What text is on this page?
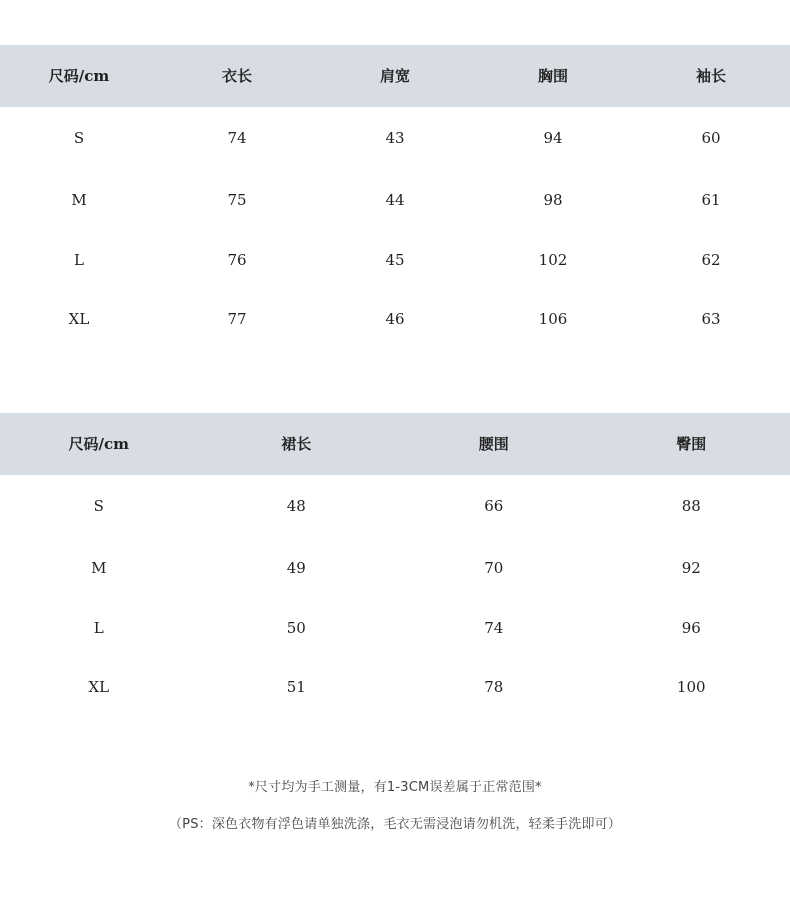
尺码/cm	衣长	肩宽	胸围	袖长
S	74	43	94	60
M	75	44	98	61
L	76	45	102	62
XL	77	46	106	63
尺码/cm	裙长	腰围	臀围
S	48	66	88
M	49	70	92
L	50	74	96
XL	51	78	100
*尺寸均为手工测量，有1-3CM误差属于正常范围*
（PS：深色衣物有浮色请单独洗涤，毛衣无需浸泡请勿机洗，轻柔手洗即可）
